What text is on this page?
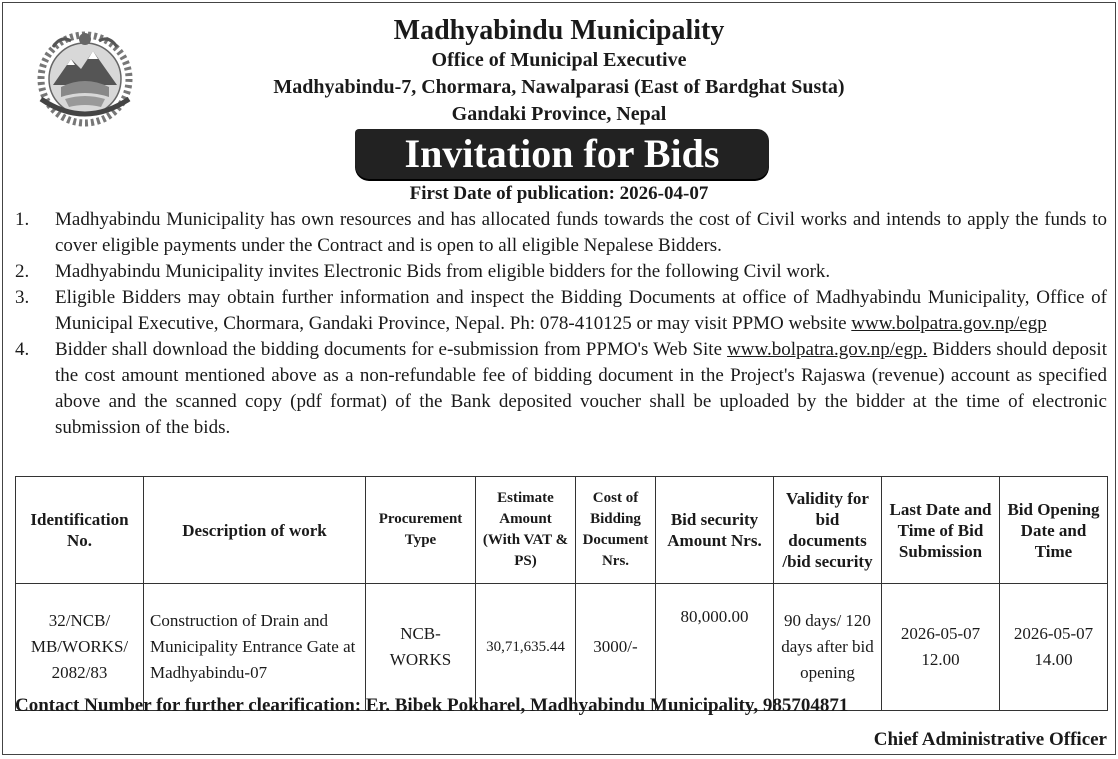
Madhyabindu Municipality
Office of Municipal Executive
Madhyabindu-7, Chormara, Nawalparasi (East of Bardghat Susta)
Gandaki Province, Nepal
Invitation for Bids
First Date of publication: 2026-04-07
1. Madhyabindu Municipality has own resources and has allocated funds towards the cost of Civil works and intends to apply the funds to cover eligible payments under the Contract and is open to all eligible Nepalese Bidders.
2. Madhyabindu Municipality invites Electronic Bids from eligible bidders for the following Civil work.
3. Eligible Bidders may obtain further information and inspect the Bidding Documents at office of Madhyabindu Municipality, Office of Municipal Executive, Chormara, Gandaki Province, Nepal. Ph: 078-410125 or may visit PPMO website www.bolpatra.gov.np/egp
4. Bidder shall download the bidding documents for e-submission from PPMO's Web Site www.bolpatra.gov.np/egp. Bidders should deposit the cost amount mentioned above as a non-refundable fee of bidding document in the Project's Rajaswa (revenue) account as specified above and the scanned copy (pdf format) of the Bank deposited voucher shall be uploaded by the bidder at the time of electronic submission of the bids.
Identification No.	Description of work	Procurement Type	Estimate Amount (With VAT & PS)	Cost of Bidding Document Nrs.	Bid security Amount Nrs.	Validity for bid documents /bid security	Last Date and Time of Bid Submission	Bid Opening Date and Time
32/NCB/ MB/WORKS/ 2082/83	Construction of Drain and Municipality Entrance Gate at Madhyabindu-07	NCB- WORKS	30,71,635.44	3000/-	80,000.00	90 days/ 120 days after bid opening	2026-05-07 12.00	2026-05-07 14.00
Contact Number for further clearification: Er. Bibek Pokharel, Madhyabindu Municipality, 985704871
Chief Administrative Officer
